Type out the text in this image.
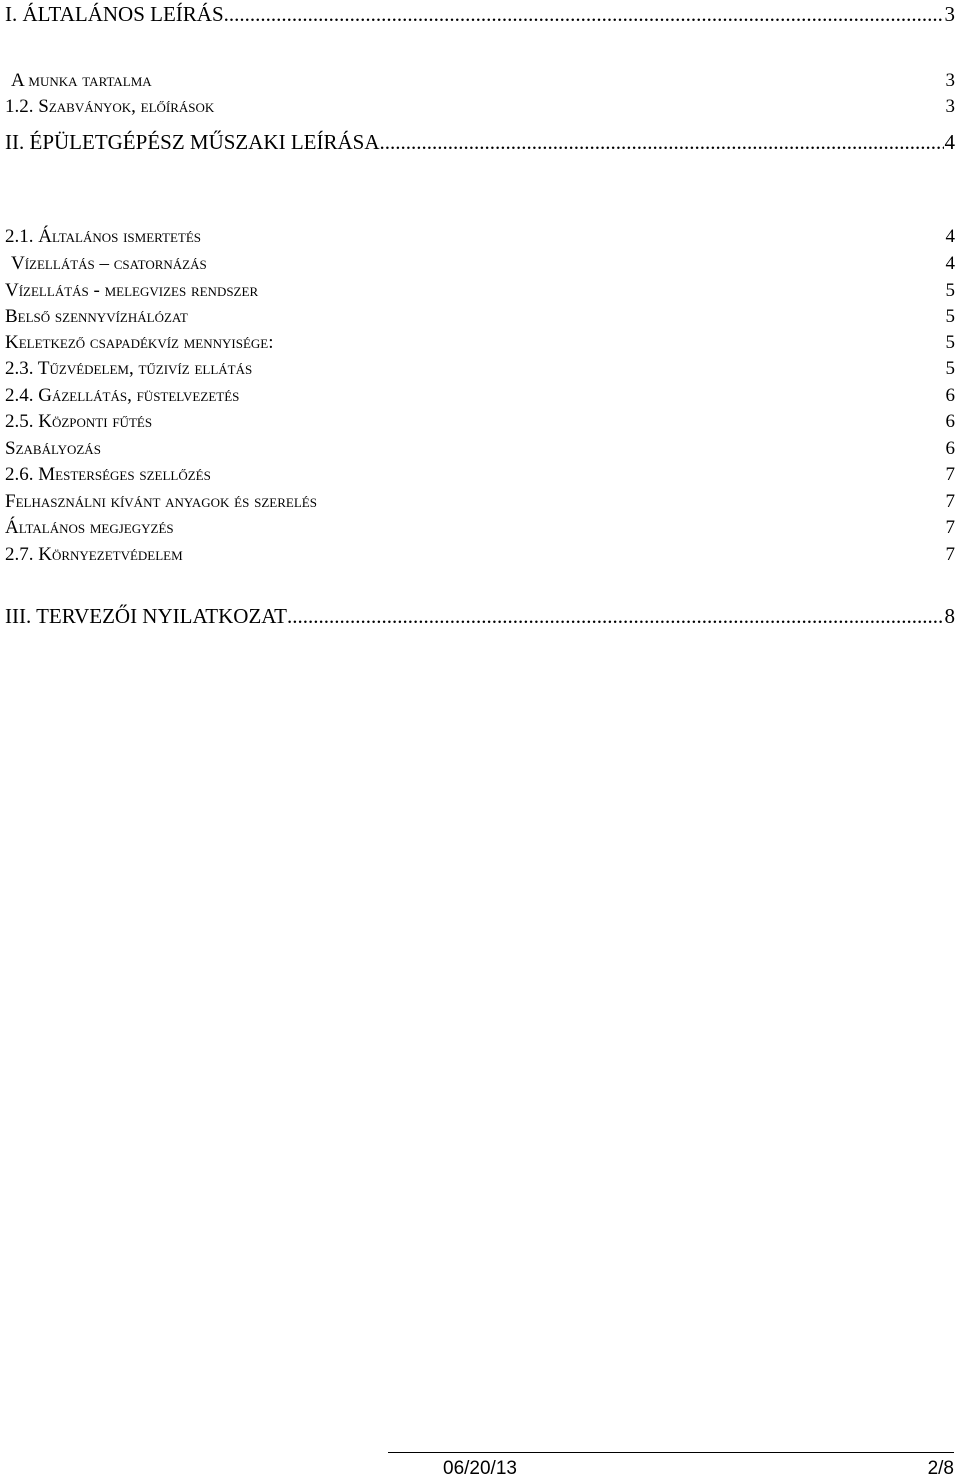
I. ÁLTALÁNOS LEÍRÁS .....	3
A munka tartalma	3
1.2. Szabványok, előírások	3
II. ÉPÜLETGÉPÉSZ MŰSZAKI LEÍRÁSA .....	4
2.1. Általános ismertetés	4
Vízellátás – csatornázás	4
Vízellátás - melegvizes rendszer	5
Belső szennyvízhálózat	5
Keletkező csapadékvíz mennyisége:	5
2.3. Tűzvédelem, tűzivíz ellátás	5
2.4. Gázellátás, füstelvezetés	6
2.5. Központi fűtés	6
Szabályozás	6
2.6. Mesterséges szellőzés	7
Felhasználni kívánt anyagok és szerelés	7
Általános megjegyzés	7
2.7. Környezetvédelem	7
III. TERVEZŐI NYILATKOZAT .....	8
06/20/13	2/8
